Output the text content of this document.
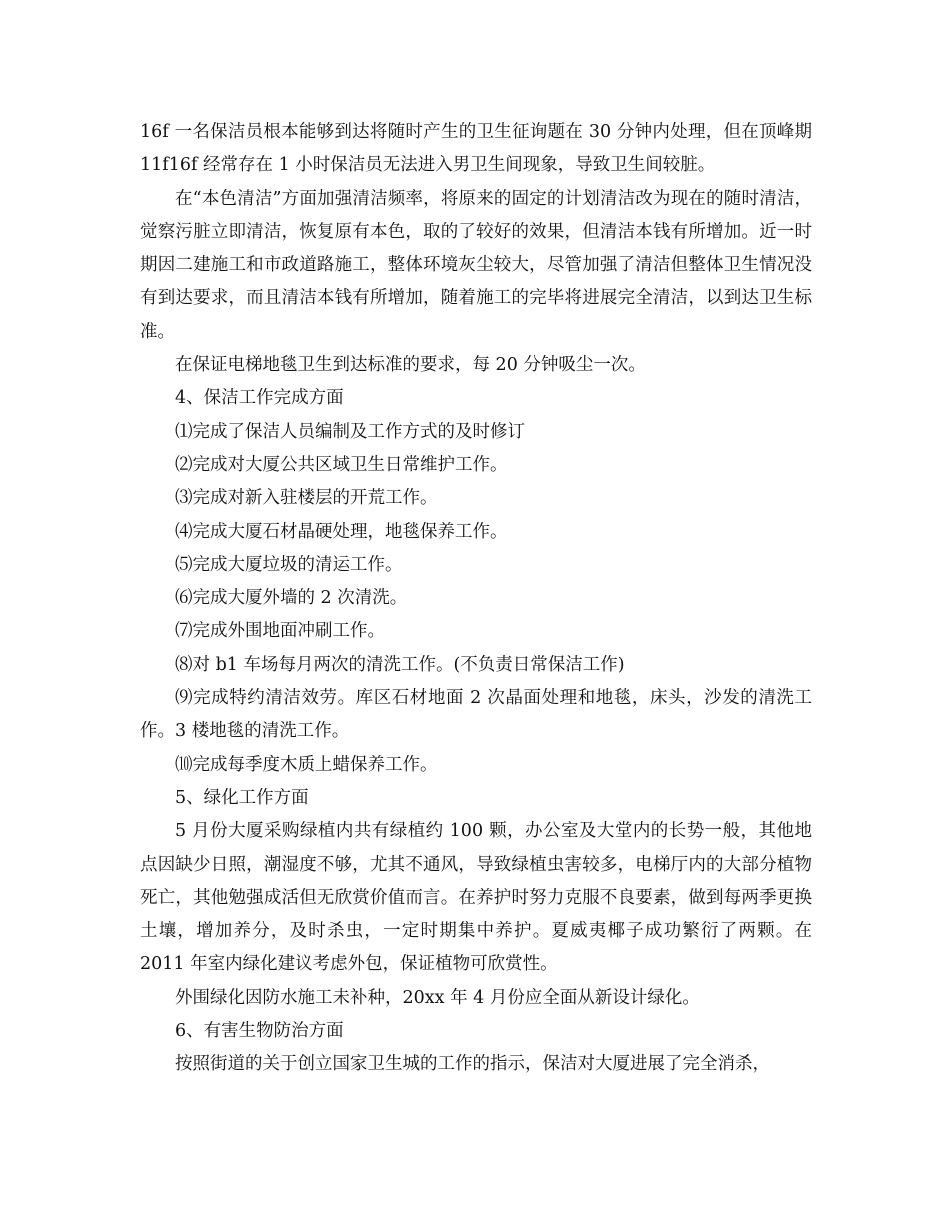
16f 一名保洁员根本能够到达将随时产生的卫生征询题在 30 分钟内处理，但在顶峰期 11f16f 经常存在 1 小时保洁员无法进入男卫生间现象，导致卫生间较脏。

在“本色清洁”方面加强清洁频率，将原来的固定的计划清洁改为现在的随时清洁，觉察污脏立即清洁，恢复原有本色，取的了较好的效果，但清洁本钱有所增加。近一时期因二建施工和市政道路施工，整体环境灰尘较大，尽管加强了清洁但整体卫生情况没有到达要求，而且清洁本钱有所增加，随着施工的完毕将进展完全清洁，以到达卫生标准。

在保证电梯地毯卫生到达标准的要求，每 20 分钟吸尘一次。

4、保洁工作完成方面

⑴完成了保洁人员编制及工作方式的及时修订

⑵完成对大厦公共区域卫生日常维护工作。

⑶完成对新入驻楼层的开荒工作。

⑷完成大厦石材晶硬处理，地毯保养工作。

⑸完成大厦垃圾的清运工作。

⑹完成大厦外墙的 2 次清洗。

⑺完成外围地面冲刷工作。

⑻对 b1 车场每月两次的清洗工作。(不负责日常保洁工作)

⑼完成特约清洁效劳。库区石材地面 2 次晶面处理和地毯，床头，沙发的清洗工作。3 楼地毯的清洗工作。

⑽完成每季度木质上蜡保养工作。

5、绿化工作方面

5 月份大厦采购绿植内共有绿植约 100 颗，办公室及大堂内的长势一般，其他地点因缺少日照，潮湿度不够，尤其不通风，导致绿植虫害较多，电梯厅内的大部分植物死亡，其他勉强成活但无欣赏价值而言。在养护时努力克服不良要素，做到每两季更换土壤，增加养分，及时杀虫，一定时期集中养护。夏威夷椰子成功繁衍了两颗。在 2011 年室内绿化建议考虑外包，保证植物可欣赏性。

外围绿化因防水施工未补种，20xx 年 4 月份应全面从新设计绿化。

6、有害生物防治方面

按照街道的关于创立国家卫生城的工作的指示，保洁对大厦进展了完全消杀，
